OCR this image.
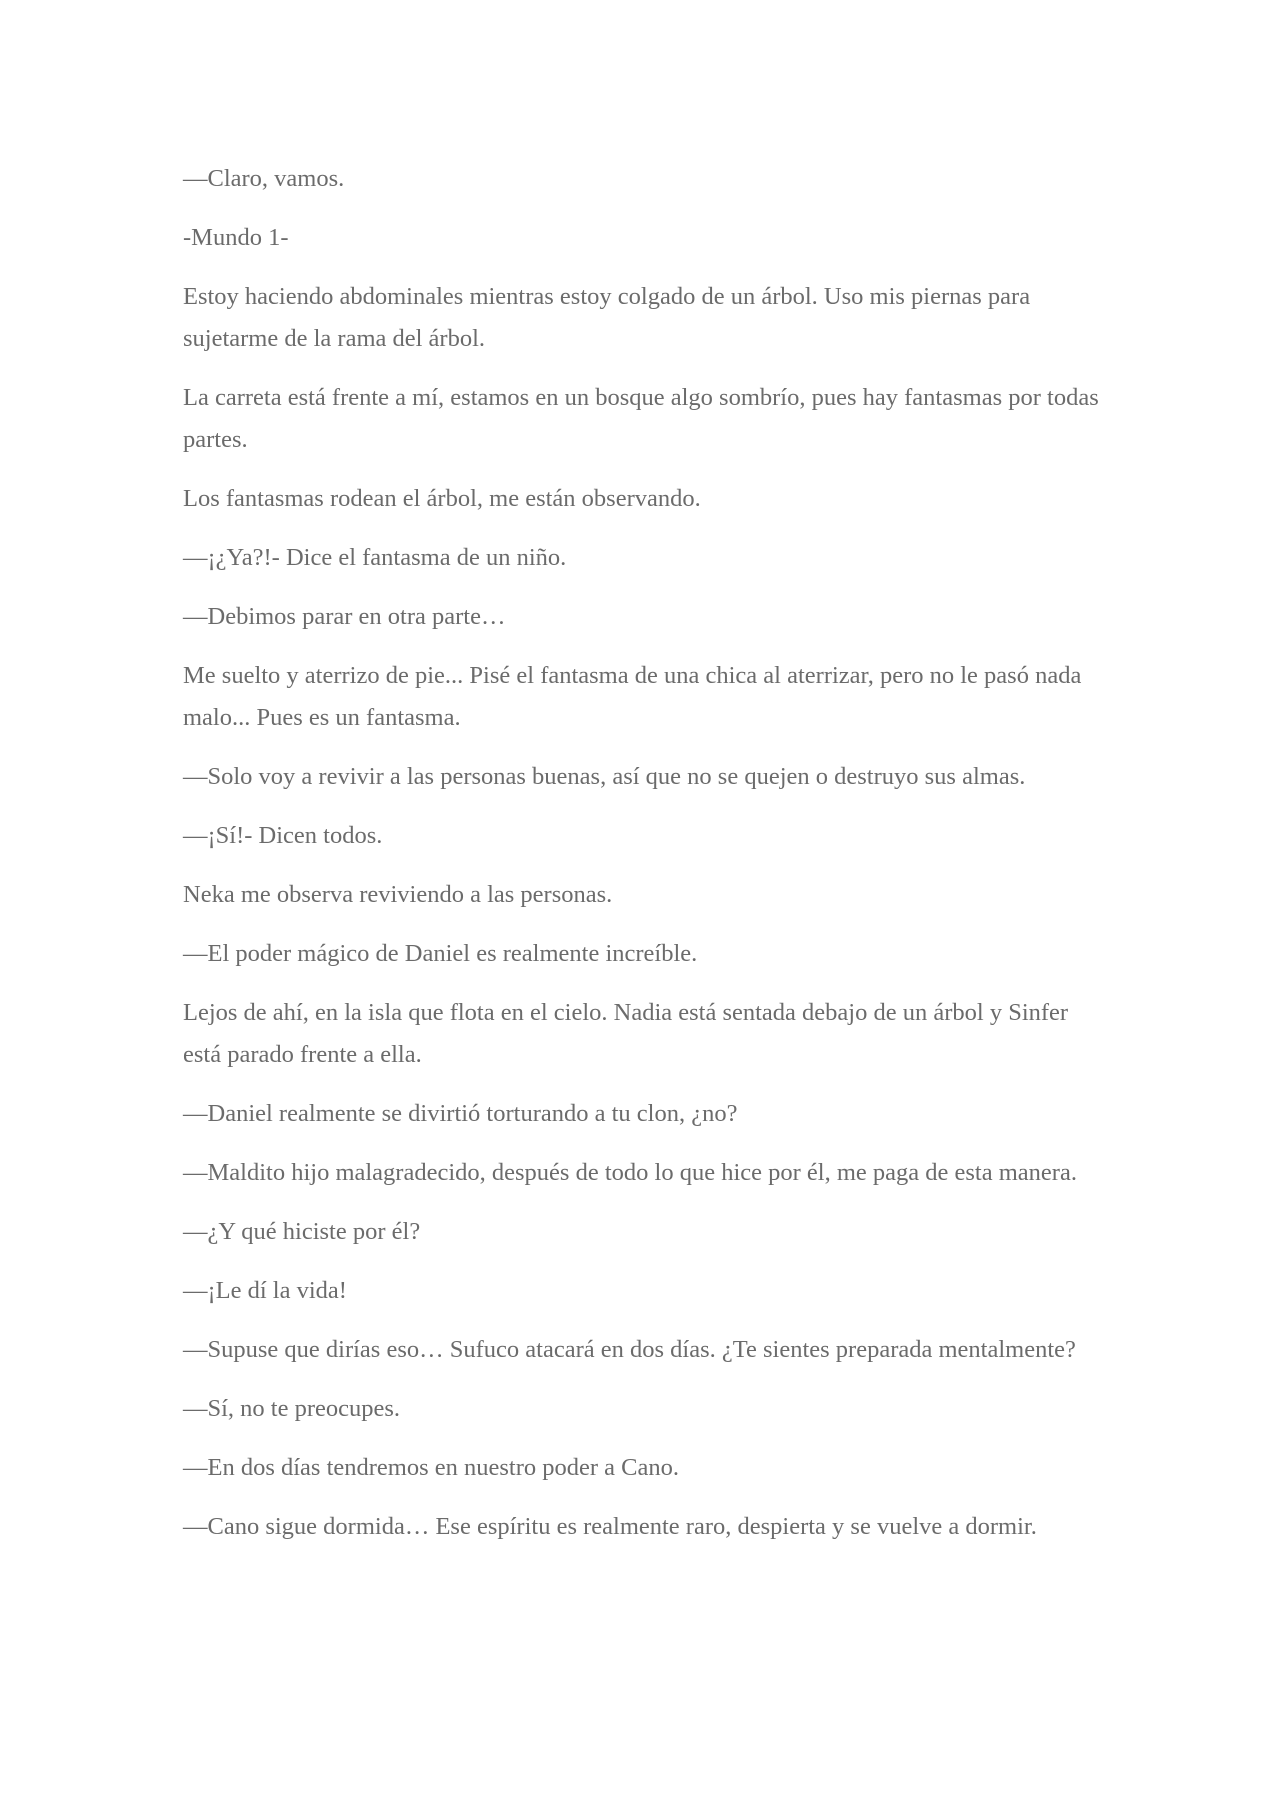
—Claro, vamos.

-Mundo 1-

Estoy haciendo abdominales mientras estoy colgado de un árbol. Uso mis piernas para sujetarme de la rama del árbol.

La carreta está frente a mí, estamos en un bosque algo sombrío, pues hay fantasmas por todas partes.

Los fantasmas rodean el árbol, me están observando.

—¡¿Ya?!- Dice el fantasma de un niño.

—Debimos parar en otra parte…

Me suelto y aterrizo de pie... Pisé el fantasma de una chica al aterrizar, pero no le pasó nada malo... Pues es un fantasma.

—Solo voy a revivir a las personas buenas, así que no se quejen o destruyo sus almas.

—¡Sí!- Dicen todos.

Neka me observa reviviendo a las personas.

—El poder mágico de Daniel es realmente increíble.

Lejos de ahí, en la isla que flota en el cielo. Nadia está sentada debajo de un árbol y Sinfer está parado frente a ella.

—Daniel realmente se divirtió torturando a tu clon, ¿no?

—Maldito hijo malagradecido, después de todo lo que hice por él, me paga de esta manera.

—¿Y qué hiciste por él?

—¡Le dí la vida!

—Supuse que dirías eso… Sufuco atacará en dos días. ¿Te sientes preparada mentalmente?

—Sí, no te preocupes.

—En dos días tendremos en nuestro poder a Cano.

—Cano sigue dormida… Ese espíritu es realmente raro, despierta y se vuelve a dormir.
